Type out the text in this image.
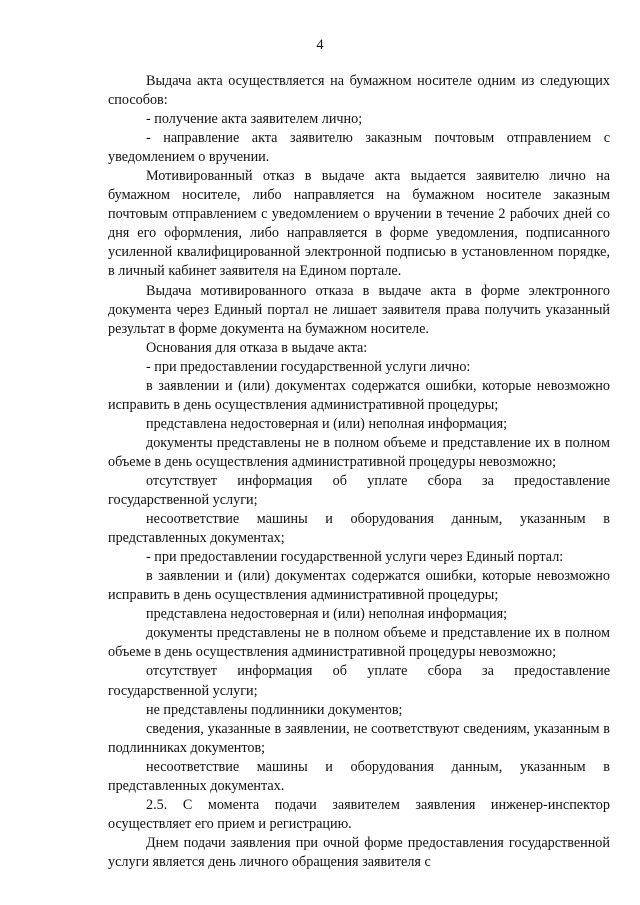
4

Выдача акта осуществляется на бумажном носителе одним из следующих способов:

- получение акта заявителем лично;

- направление акта заявителю заказным почтовым отправлением с уведомлением о вручении.

Мотивированный отказ в выдаче акта выдается заявителю лично на бумажном носителе, либо направляется на бумажном носителе заказным почтовым отправлением с уведомлением о вручении в течение 2 рабочих дней со дня его оформления, либо направляется в форме уведомления, подписанного усиленной квалифицированной электронной подписью в установленном порядке, в личный кабинет заявителя на Едином портале.

Выдача мотивированного отказа в выдаче акта в форме электронного документа через Единый портал не лишает заявителя права получить указанный результат в форме документа на бумажном носителе.

Основания для отказа в выдаче акта:

- при предоставлении государственной услуги лично:

в заявлении и (или) документах содержатся ошибки, которые невозможно исправить в день осуществления административной процедуры;

представлена недостоверная и (или) неполная информация;

документы представлены не в полном объеме и представление их в полном объеме в день осуществления административной процедуры невозможно;

отсутствует информация об уплате сбора за предоставление государственной услуги;

несоответствие машины и оборудования данным, указанным в представленных документах;

- при предоставлении государственной услуги через Единый портал:

в заявлении и (или) документах содержатся ошибки, которые невозможно исправить в день осуществления административной процедуры;

представлена недостоверная и (или) неполная информация;

документы представлены не в полном объеме и представление их в полном объеме в день осуществления административной процедуры невозможно;

отсутствует информация об уплате сбора за предоставление государственной услуги;

не представлены подлинники документов;

сведения, указанные в заявлении, не соответствуют сведениям, указанным в подлинниках документов;

несоответствие машины и оборудования данным, указанным в представленных документах.

2.5. С момента подачи заявителем заявления инженер-инспектор осуществляет его прием и регистрацию.

Днем подачи заявления при очной форме предоставления государственной услуги является день личного обращения заявителя с
